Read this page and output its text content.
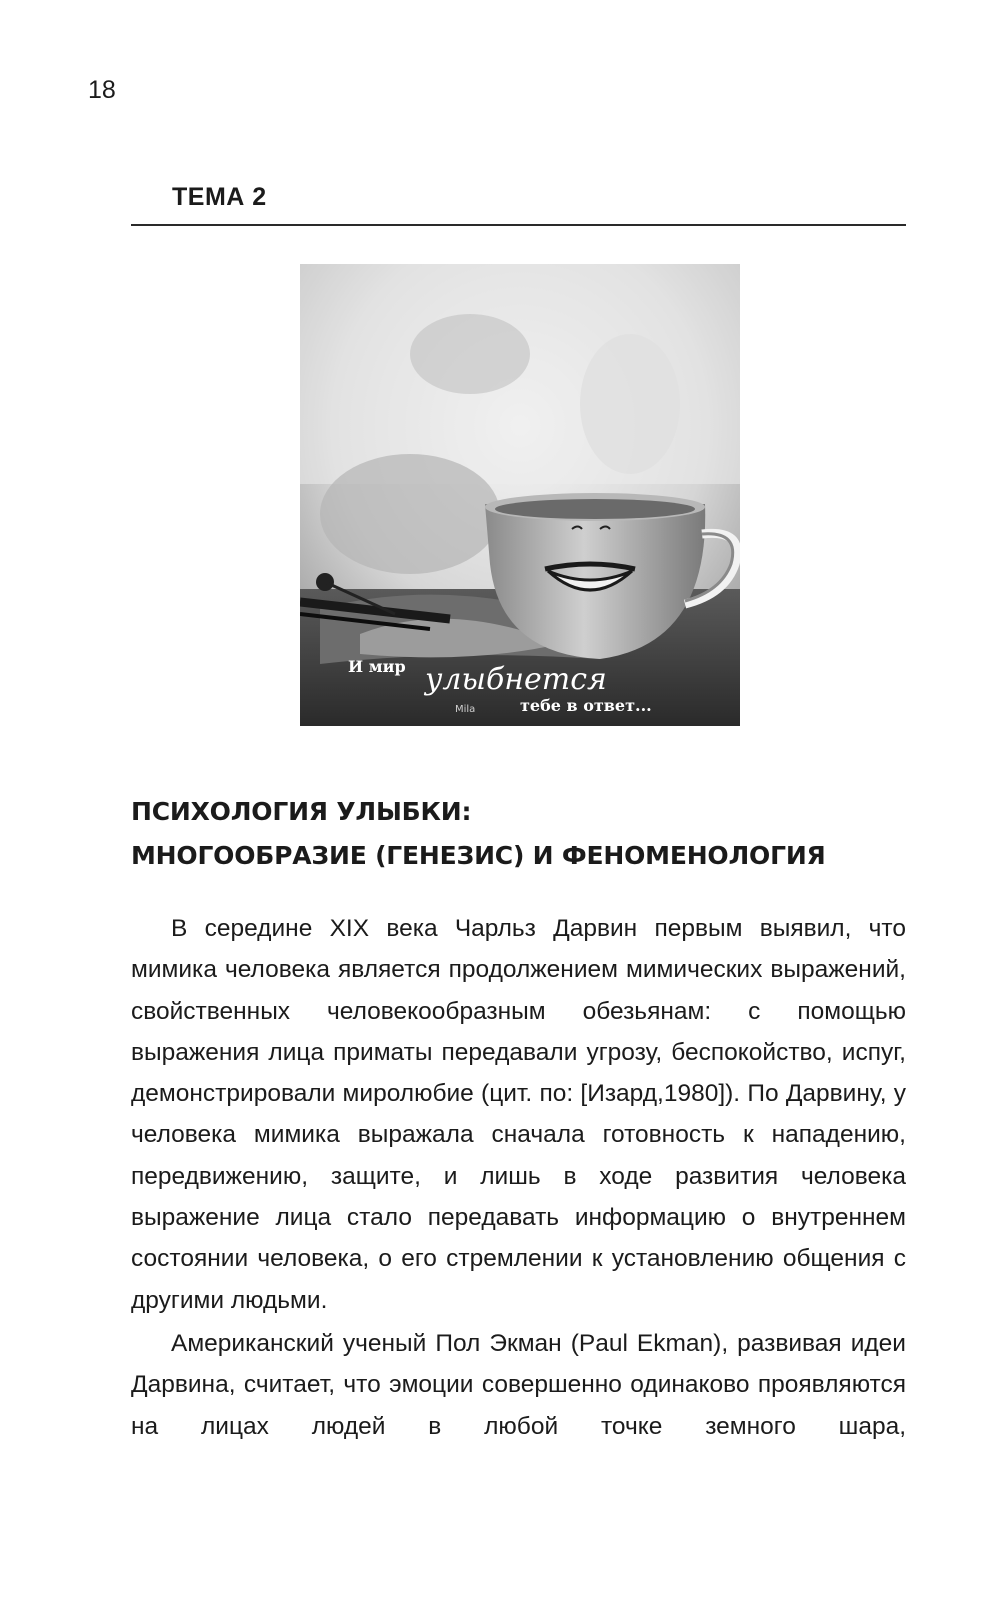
18
ТЕМА 2
И мир улыбнется
тебе в ответ...
Mila
ПСИХОЛОГИЯ УЛЫБКИ:
МНОГООБРАЗИЕ (ГЕНЕЗИС) И ФЕНОМЕНОЛОГИЯ

В середине XIX века Чарльз Дарвин первым выявил, что мимика человека является продолжением мимических выражений, свойственных человекообразным обезьянам: с помощью выражения лица приматы передавали угрозу, беспокойство, испуг, демонстрировали миролюбие (цит. по: [Изард,1980]). По Дарвину, у человека мимика выражала сначала готовность к нападению, передвижению, защите, и лишь в ходе развития человека выражение лица стало передавать информацию о внутреннем состоянии человека, о его стремлении к установлению общения с другими людьми.

Американский ученый Пол Экман (Paul Ekman), развивая идеи Дарвина, считает, что эмоции совершенно одинаково проявляются на лицах людей в любой точке земного шара,
